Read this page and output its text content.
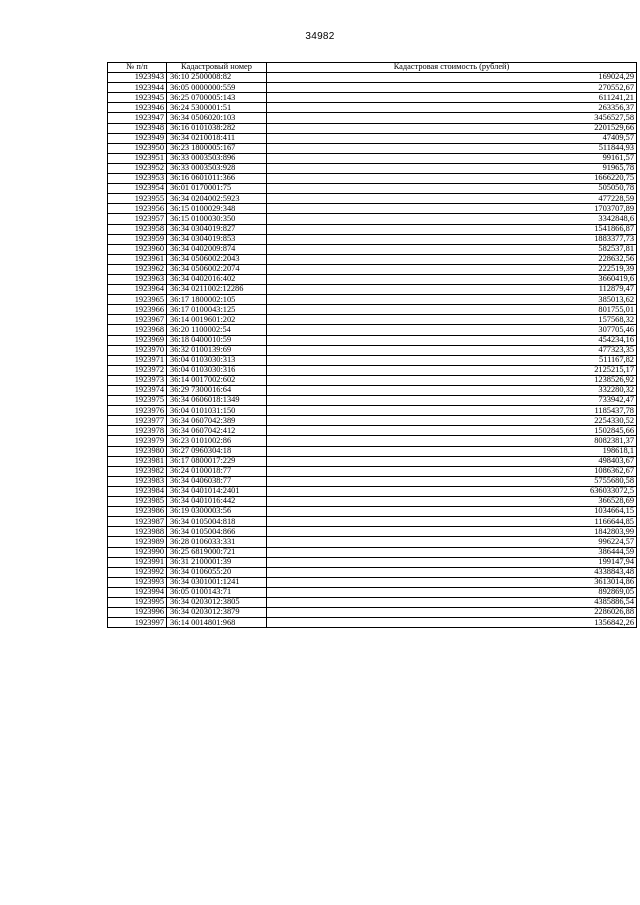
34982
№ п/п	Кадастровый номер	Кадастровая стоимость (рублей)
1923943	36:10 2500008:82	169024,29
1923944	36:05 0000000:559	270552,67
1923945	36:25 0700005:143	611241,21
1923946	36:24 5300001:51	263356,37
1923947	36:34 0506020:103	3456527,58
1923948	36:16 0101038:282	2201529,66
1923949	36:34 0210018:411	47409,57
1923950	36:23 1800005:167	511844,93
1923951	36:33 0003503:896	99161,57
1923952	36:33 0003503:928	91965,78
1923953	36:16 0601011:366	1666220,75
1923954	36:01 0170001:75	505050,78
1923955	36:34 0204002:5923	477228,59
1923956	36:15 0100029:348	1703707,89
1923957	36:15 0100030:350	3342848,6
1923958	36:34 0304019:827	1541866,87
1923959	36:34 0304019:853	1883377,73
1923960	36:34 0402009:874	582537,81
1923961	36:34 0506002:2043	228632,56
1923962	36:34 0506002:2074	222519,39
1923963	36:34 0402016:402	3660419,6
1923964	36:34 0211002:12286	112879,47
1923965	36:17 1800002:105	385013,62
1923966	36:17 0100043:125	801755,01
1923967	36:14 0019601:202	157568,32
1923968	36:20 1100002:54	307705,46
1923969	36:18 0400010:59	454234,16
1923970	36:32 0100139:69	477323,35
1923971	36:04 0103030:313	511167,82
1923972	36:04 0103030:316	2125215,17
1923973	36:14 0017002:602	1238526,92
1923974	36:29 7300016:64	332280,32
1923975	36:34 0606018:1349	733942,47
1923976	36:04 0101031:150	1185437,78
1923977	36:34 0607042:389	2254330,52
1923978	36:34 0607042:412	1502845,66
1923979	36:23 0101002:86	8082381,37
1923980	36:27 0960304:18	198618,1
1923981	36:17 0800017:229	498403,67
1923982	36:24 0100018:77	1086362,67
1923983	36:34 0406038:77	5755680,58
1923984	36:34 0401014:2401	636033072,5
1923985	36:34 0401016:442	366528,69
1923986	36:19 0300003:56	1034664,15
1923987	36:34 0105004:818	1166644,85
1923988	36:34 0105004:866	1842803,99
1923989	36:28 0106033:331	996224,57
1923990	36:25 6819000:721	386444,59
1923991	36:31 2100001:39	199147,94
1923992	36:34 0106055:20	4338843,48
1923993	36:34 0301001:1241	3613014,86
1923994	36:05 0100143:71	892869,05
1923995	36:34 0203012:3805	4385886,54
1923996	36:34 0203012:3879	2286026,88
1923997	36:14 0014801:968	1356842,26
